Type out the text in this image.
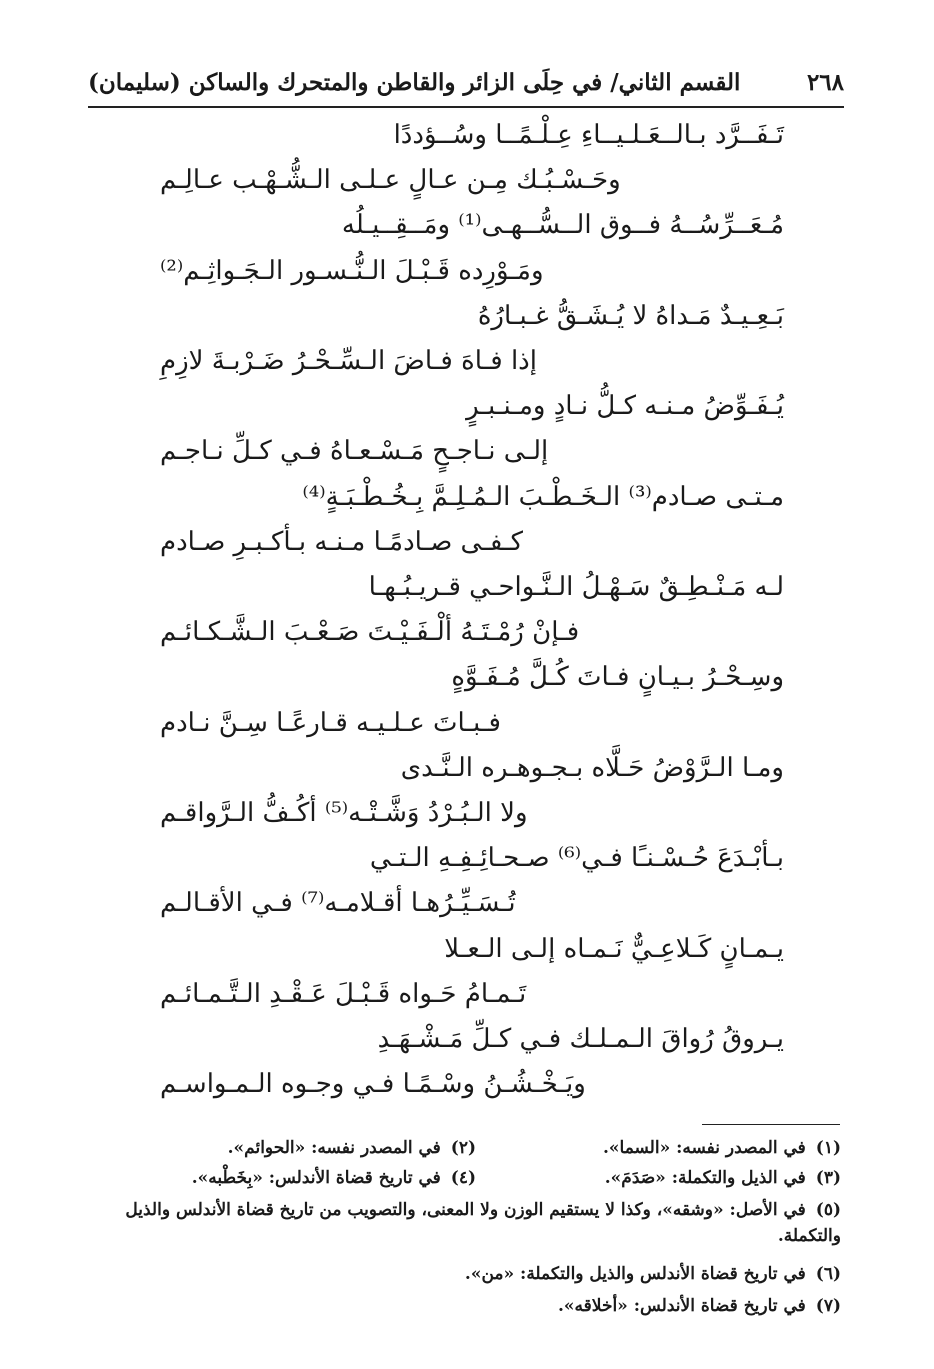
٢٦٨
القسم الثاني/ في حِلَى الزائر والقاطن والمتحرك والساكن (سليمان)
تَـفَــرَّد بـالــعَـلـيــاءِ عِـلْـمًــا وسُــؤددًا
وحَـسْـبُـك مِـن عـالٍ عـلـى الـشُّـهْـب عـالِـم
مُـعَــرِّسُــهُ فــوق الــسُّــهـى⁽¹⁾ ومَــقِــيـلُه
ومَـوْرِده قَـبْـلَ الـنُّـسـور الـجَـواثِـم⁽²⁾
بَـعِـيـدٌ مَـداهُ لا يُـشَـقُّ غـبـارُهُ
إذا فـاهَ فـاضَ الـسِّـحْـرُ ضَـرْبـةَ لازِمِ
يُـفَـوِّضُ مـنـه كـلُّ نـادٍ ومـنـبـرٍ
إلـى نـاجـحٍ مَـسْـعـاهُ فـي كـلِّ نـاجـم
مـتـى صـادم⁽³⁾ الـخَـطْـبَ الـمُـلِـمَّ بِـخُـطْـبَـةٍ⁽⁴⁾
كـفـى صـادمًـا مـنـه بـأكـبـرِ صـادم
لـه مَـنْـطِـقٌ سَـهْـلُ الـنَّـواحـي قـريـبُـهـا
فـإنْ رُمْـتَـهُ ألْـفَـيْـتَ صَـعْـبَ الـشَّـكـائـم
وسِـحْـرُ بـيـانٍ فـاتَ كُـلَّ مُـفَـوَّهٍ
فـبـاتَ عـلـيـه قـارعًـا سِـنَّ نـادم
ومـا الـرَّوْضُ حَـلَّاه بـجـوهـره الـنَّـدى
ولا الـبُـرْدُ وَشَّـتْـه⁽⁵⁾ أكُـفُّ الـرَّواقـم
بـأبْـدَعَ حُـسْـنـًا فـي⁽⁶⁾ صـحـائِـفِـهِ الـتـي
تُـسَـيِّـرُهـا أقـلامـه⁽⁷⁾ فـي الأقـالـم
يـمـانٍ كَـلاعِـيٌّ نَـمـاه إلـى الـعـلا
تَـمـامُ حَـواه قَـبْـلَ عَـقْـدِ الـتَّـمـائـم
يـروقُ رُواقَ الـمـلـك فـي كـلِّ مَـشْـهَـدِ
ويَـخْـشُـنُ وسْـمًـا فـي وجـوه الـمـواسـم
(١)في المصدر نفسه: «السما».
(٢)في المصدر نفسه: «الحوائم».
(٣)في الذيل والتكملة: «صَدَمَ».
(٤)في تاريخ قضاة الأندلس: «بِخَطْبه».
(٥)في الأصل: «وشقه»، وكذا لا يستقيم الوزن ولا المعنى، والتصويب من تاريخ قضاة الأندلس والذيل والتكملة.
(٦)في تاريخ قضاة الأندلس والذيل والتكملة: «من».
(٧)في تاريخ قضاة الأندلس: «أخلاقه».
